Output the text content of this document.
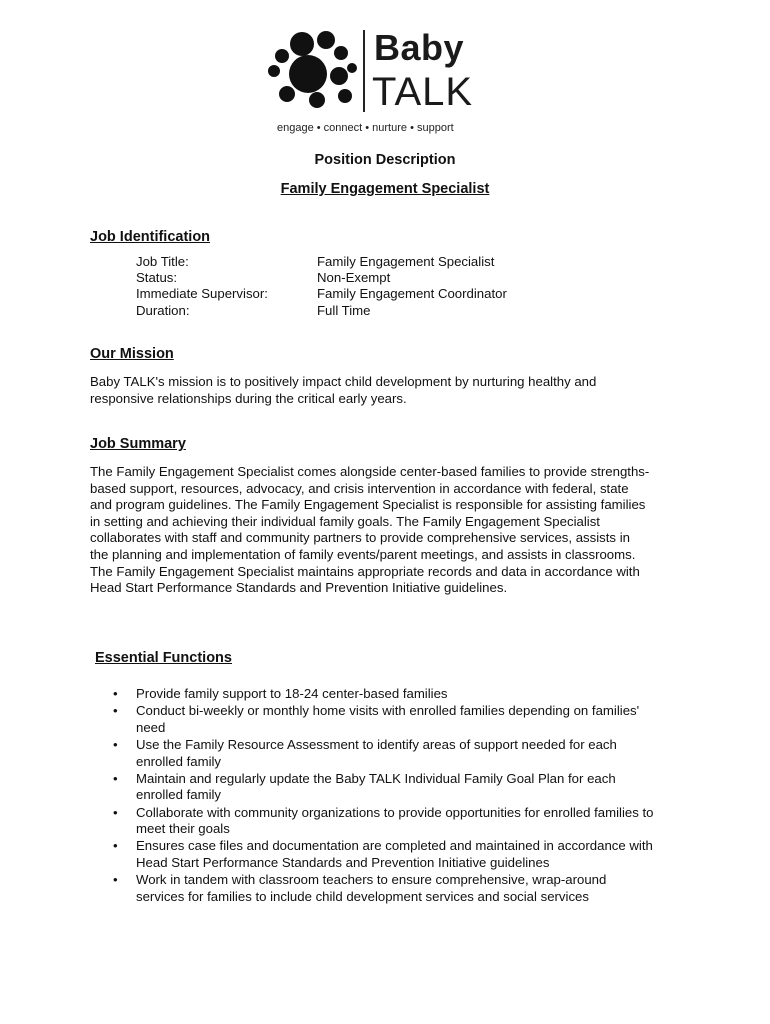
Baby
TALK
engage • connect • nurture • support
Position Description
Family Engagement Specialist
Job Identification
Job Title:	Family Engagement Specialist
Status:	Non-Exempt
Immediate Supervisor:	Family Engagement Coordinator
Duration:	Full Time
Our Mission

Baby TALK's mission is to positively impact child development by nurturing healthy and
responsive relationships during the critical early years.

Job Summary

The Family Engagement Specialist comes alongside center-based families to provide strengths-
based support, resources, advocacy, and crisis intervention in accordance with federal, state
and program guidelines. The Family Engagement Specialist is responsible for assisting families
in setting and achieving their individual family goals. The Family Engagement Specialist
collaborates with staff and community partners to provide comprehensive services, assists in
the planning and implementation of family events/parent meetings, and assists in classrooms.
The Family Engagement Specialist maintains appropriate records and data in accordance with
Head Start Performance Standards and Prevention Initiative guidelines.

Essential Functions
• Provide family support to 18-24 center-based families
• Conduct bi-weekly or monthly home visits with enrolled families depending on families'
need
• Use the Family Resource Assessment to identify areas of support needed for each
enrolled family
• Maintain and regularly update the Baby TALK Individual Family Goal Plan for each
enrolled family
• Collaborate with community organizations to provide opportunities for enrolled families to
meet their goals
• Ensures case files and documentation are completed and maintained in accordance with
Head Start Performance Standards and Prevention Initiative guidelines
• Work in tandem with classroom teachers to ensure comprehensive, wrap-around
services for families to include child development services and social services
